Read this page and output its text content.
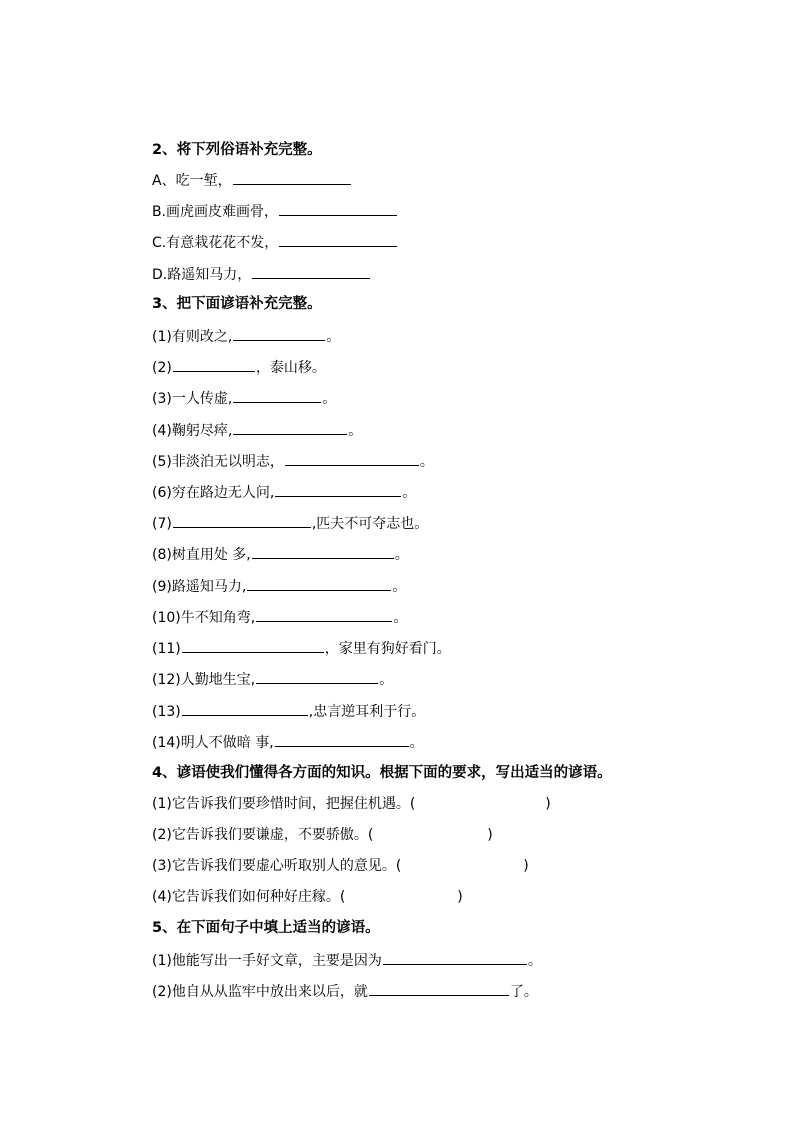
2、将下列俗语补充完整。
A、吃一堑，
B.画虎画皮难画骨，
C.有意栽花花不发，
D.路遥知马力，
3、把下面谚语补充完整。
(1)有则改之,	。
(2)	，泰山移。
(3)一人传虚,	。
(4)鞠躬尽瘁,	。
(5)非淡泊无以明志，	。
(6)穷在路边无人问,	。
(7)	,匹夫不可夺志也。
(8)树直用处 多,	。
(9)路遥知马力,	。
(10)牛不知角弯,	。
(11)	，家里有狗好看门。
(12)人勤地生宝,	。
(13)	,忠言逆耳利于行。
(14)明人不做暗 事,	。
4、谚语使我们懂得各方面的知识。根据下面的要求，写出适当的谚语。
(1)它告诉我们要珍惜时间，把握住机遇。(	)
(2)它告诉我们要谦虚，不要骄傲。(	)
(3)它告诉我们要虚心听取别人的意见。(	)
(4)它告诉我们如何种好庄稼。(	)
5、在下面句子中填上适当的谚语。
(1)他能写出一手好文章，主要是因为	。
(2)他自从从监牢中放出来以后，就	了。
